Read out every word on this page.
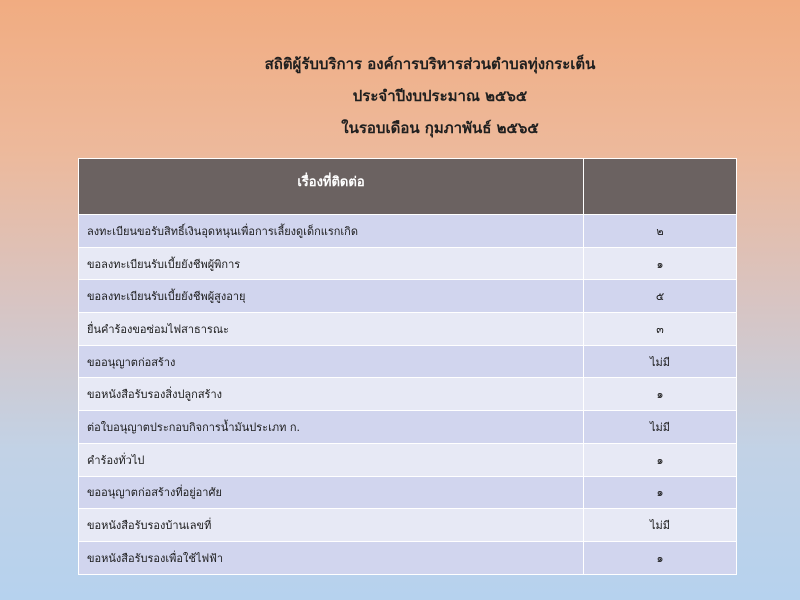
สถิติผู้รับบริการ องค์การบริหารส่วนตำบลทุ่งกระเต็น
ประจำปีงบประมาณ ๒๕๖๕
ในรอบเดือน กุมภาพันธ์ ๒๕๖๕
เรื่องที่ติดต่อ	
ลงทะเบียนขอรับสิทธิ์เงินอุดหนุนเพื่อการเลี้ยงดูเด็กแรกเกิด	๒
ขอลงทะเบียนรับเบี้ยยังชีพผู้พิการ	๑
ขอลงทะเบียนรับเบี้ยยังชีพผู้สูงอายุ	๕
ยื่นคำร้องขอซ่อมไฟสาธารณะ	๓
ขออนุญาตก่อสร้าง	ไม่มี
ขอหนังสือรับรองสิ่งปลูกสร้าง	๑
ต่อใบอนุญาตประกอบกิจการน้ำมันประเภท ก.	ไม่มี
คำร้องทั่วไป	๑
ขออนุญาตก่อสร้างที่อยู่อาศัย	๑
ขอหนังสือรับรองบ้านเลขที่	ไม่มี
ขอหนังสือรับรองเพื่อใช้ไฟฟ้า	๑
